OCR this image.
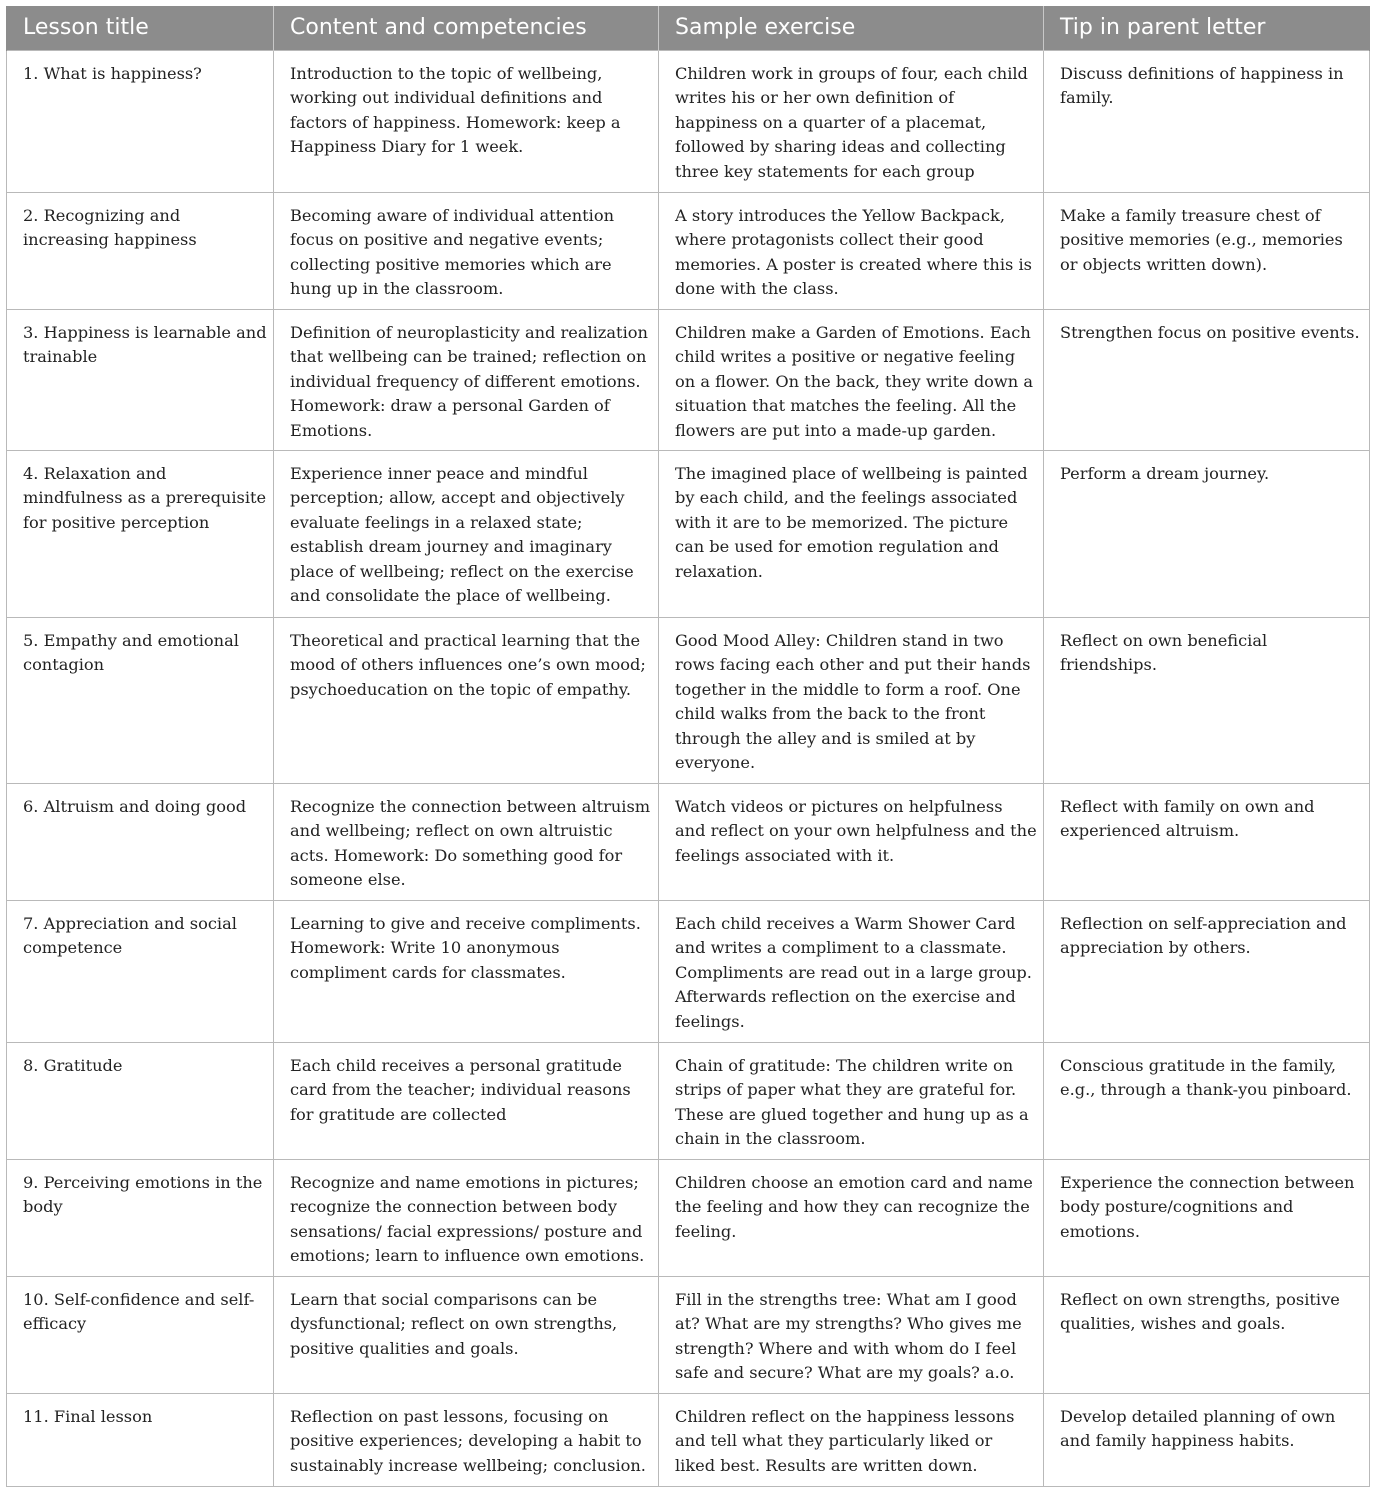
Lesson title	Content and competencies	Sample exercise	Tip in parent letter
1. What is happiness?	Introduction to the topic of wellbeing, working out individual definitions and factors of happiness. Homework: keep a Happiness Diary for 1 week.	Children work in groups of four, each child writes his or her own definition of happiness on a quarter of a placemat, followed by sharing ideas and collecting three key statements for each group	Discuss definitions of happiness in family.
2. Recognizing and increasing happiness	Becoming aware of individual attention focus on positive and negative events; collecting positive memories which are hung up in the classroom.	A story introduces the Yellow Backpack, where protagonists collect their good memories. A poster is created where this is done with the class.	Make a family treasure chest of positive memories (e.g., memories or objects written down).
3. Happiness is learnable and trainable	Definition of neuroplasticity and realization that wellbeing can be trained; reflection on individual frequency of different emotions. Homework: draw a personal Garden of Emotions.	Children make a Garden of Emotions. Each child writes a positive or negative feeling on a flower. On the back, they write down a situation that matches the feeling. All the flowers are put into a made-up garden.	Strengthen focus on positive events.
4. Relaxation and mindfulness as a prerequisite for positive perception	Experience inner peace and mindful perception; allow, accept and objectively evaluate feelings in a relaxed state; establish dream journey and imaginary place of wellbeing; reflect on the exercise and consolidate the place of wellbeing.	The imagined place of wellbeing is painted by each child, and the feelings associated with it are to be memorized. The picture can be used for emotion regulation and relaxation.	Perform a dream journey.
5. Empathy and emotional contagion	Theoretical and practical learning that the mood of others influences one’s own mood; psychoeducation on the topic of empathy.	Good Mood Alley: Children stand in two rows facing each other and put their hands together in the middle to form a roof. One child walks from the back to the front through the alley and is smiled at by everyone.	Reflect on own beneficial friendships.
6. Altruism and doing good	Recognize the connection between altruism and wellbeing; reflect on own altruistic acts. Homework: Do something good for someone else.	Watch videos or pictures on helpfulness and reflect on your own helpfulness and the feelings associated with it.	Reflect with family on own and experienced altruism.
7. Appreciation and social competence	Learning to give and receive compliments. Homework: Write 10 anonymous compliment cards for classmates.	Each child receives a Warm Shower Card and writes a compliment to a classmate. Compliments are read out in a large group. Afterwards reflection on the exercise and feelings.	Reflection on self-appreciation and appreciation by others.
8. Gratitude	Each child receives a personal gratitude card from the teacher; individual reasons for gratitude are collected	Chain of gratitude: The children write on strips of paper what they are grateful for. These are glued together and hung up as a chain in the classroom.	Conscious gratitude in the family, e.g., through a thank-you pinboard.
9. Perceiving emotions in the body	Recognize and name emotions in pictures; recognize the connection between body sensations/ facial expressions/ posture and emotions; learn to influence own emotions.	Children choose an emotion card and name the feeling and how they can recognize the feeling.	Experience the connection between body posture/cognitions and emotions.
10. Self-confidence and self-efficacy	Learn that social comparisons can be dysfunctional; reflect on own strengths, positive qualities and goals.	Fill in the strengths tree: What am I good at? What are my strengths? Who gives me strength? Where and with whom do I feel safe and secure? What are my goals? a.o.	Reflect on own strengths, positive qualities, wishes and goals.
11. Final lesson	Reflection on past lessons, focusing on positive experiences; developing a habit to sustainably increase wellbeing; conclusion.	Children reflect on the happiness lessons and tell what they particularly liked or liked best. Results are written down.	Develop detailed planning of own and family happiness habits.
